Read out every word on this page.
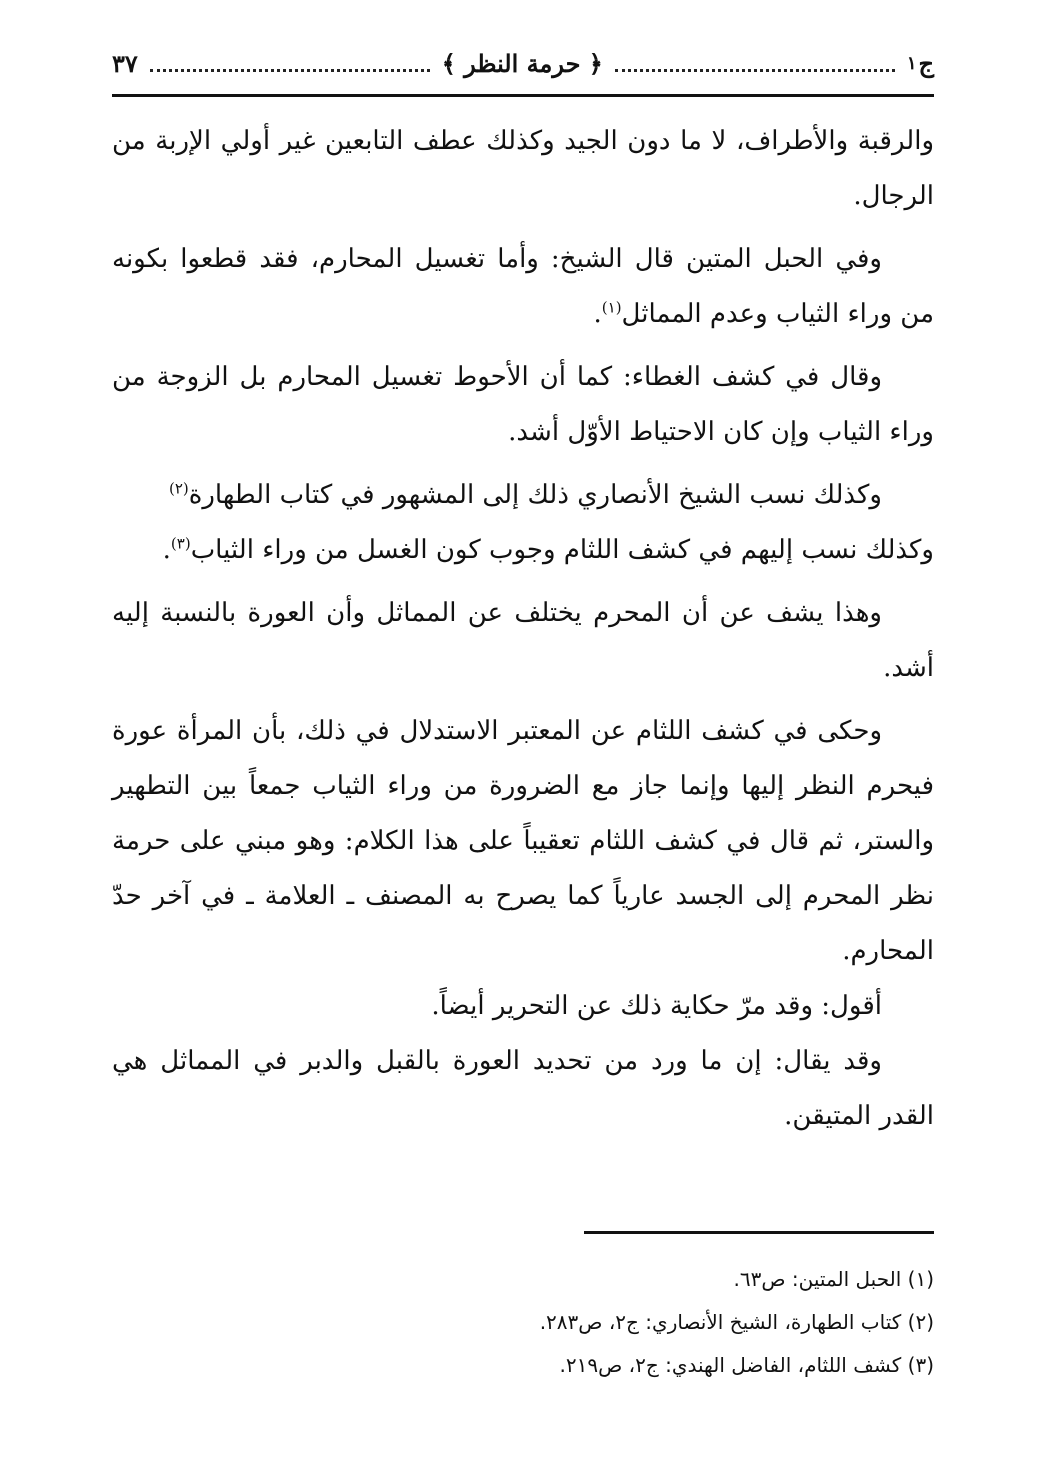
ج
١
﴿ حرمة النظر ﴾
٣٧

والرقبة والأطراف، لا ما دون الجيد وكذلك عطف التابعين غير أولي الإربة من الرجال.

وفي الحبل المتين قال الشيخ: وأما تغسيل المحارم، فقد قطعوا بكونه من وراء الثياب وعدم المماثل$^{(١)}$.

وقال في كشف الغطاء: كما أن الأحوط تغسيل المحارم بل الزوجة من وراء الثياب وإن كان الاحتياط الأوّل أشد.

وكذلك نسب الشيخ الأنصاري ذلك إلى المشهور في كتاب الطهارة$^{(٢)}$

وكذلك نسب إليهم في كشف اللثام وجوب كون الغسل من وراء الثياب$^{(٣)}$.

وهذا يشف عن أن المحرم يختلف عن المماثل وأن العورة بالنسبة إليه أشد.

وحكى في كشف اللثام عن المعتبر الاستدلال في ذلك، بأن المرأة عورة فيحرم النظر إليها وإنما جاز مع الضرورة من وراء الثياب جمعاً بين التطهير والستر، ثم قال في كشف اللثام تعقيباً على هذا الكلام: وهو مبني على حرمة نظر المحرم إلى الجسد عارياً كما يصرح به المصنف ـ العلامة ـ في آخر حدّ المحارم.

أقول: وقد مرّ حكاية ذلك عن التحرير أيضاً.

وقد يقال: إن ما ورد من تحديد العورة بالقبل والدبر في المماثل هي القدر المتيقن.

(١) الحبل المتين: ص٦٣.
(٢) كتاب الطهارة، الشيخ الأنصاري: ج٢، ص٢٨٣.
(٣) كشف اللثام، الفاضل الهندي: ج٢، ص٢١٩.
